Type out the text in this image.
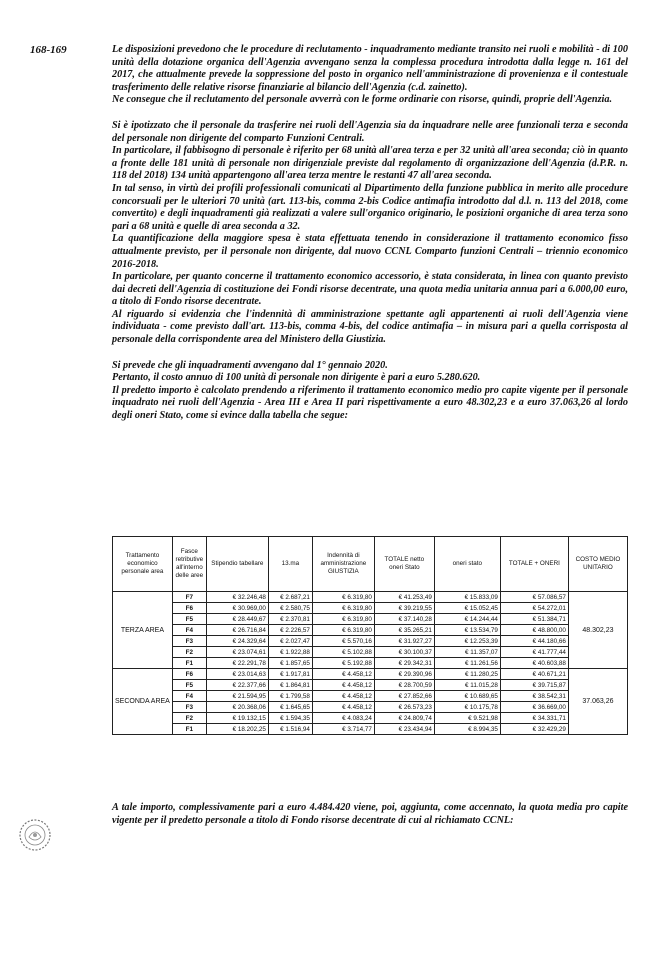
168-169	Le disposizioni prevedono che le procedure di reclutamento - inquadramento mediante transito nei ruoli e mobilità - di 100 unità della dotazione organica dell'Agenzia avvengano senza la complessa procedura introdotta dalla legge n. 161 del 2017, che attualmente prevede la soppressione del posto in organico nell'amministrazione di provenienza e il contestuale trasferimento delle relative risorse finanziarie al bilancio dell'Agenzia (c.d. zainetto).

Ne consegue che il reclutamento del personale avverrà con le forme ordinarie con risorse, quindi, proprie dell'Agenzia.

Si è ipotizzato che il personale da trasferire nei ruoli dell'Agenzia sia da inquadrare nelle aree funzionali terza e seconda del personale non dirigente del comparto Funzioni Centrali.

In particolare, il fabbisogno di personale è riferito per 68 unità all'area terza e per 32 unità all'area seconda; ciò in quanto a fronte delle 181 unità di personale non dirigenziale previste dal regolamento di organizzazione dell'Agenzia (d.P.R. n. 118 del 2018) 134 unità appartengono all'area terza mentre le restanti 47 all'area seconda.

In tal senso, in virtù dei profili professionali comunicati al Dipartimento della funzione pubblica in merito alle procedure concorsuali per le ulteriori 70 unità (art. 113-bis, comma 2-bis Codice antimafia introdotto dal d.l. n. 113 del 2018, come convertito) e degli inquadramenti già realizzati a valere sull'organico originario, le posizioni organiche di area terza sono pari a 68 unità e quelle di area seconda a 32.

La quantificazione della maggiore spesa è stata effettuata tenendo in considerazione il trattamento economico fisso attualmente previsto, per il personale non dirigente, dal nuovo CCNL Comparto funzioni Centrali – triennio economico 2016-2018.

In particolare, per quanto concerne il trattamento economico accessorio, è stata considerata, in linea con quanto previsto dai decreti dell'Agenzia di costituzione dei Fondi risorse decentrate, una quota media unitaria annua pari a 6.000,00 euro, a titolo di Fondo risorse decentrate.

Al riguardo si evidenzia che l'indennità di amministrazione spettante agli appartenenti ai ruoli dell'Agenzia viene individuata - come previsto dall'art. 113-bis, comma 4-bis, del codice antimafia – in misura pari a quella corrisposta al personale della corrispondente area del Ministero della Giustizia.

Si prevede che gli inquadramenti avvengano dal 1° gennaio 2020.

Pertanto, il costo annuo di 100 unità di personale non dirigente è pari a euro 5.280.620.

Il predetto importo è calcolato prendendo a riferimento il trattamento economico medio pro capite vigente per il personale inquadrato nei ruoli dell'Agenzia - Area III e Area II pari rispettivamente a euro 48.302,23 e a euro 37.063,26 al lordo degli oneri Stato, come si evince dalla tabella che segue:

Trattamento economico personale area	Fasce retributive all'interno delle aree	Stipendio tabellare	13.ma	Indennità di amministrazione GIUSTIZIA	TOTALE netto oneri Stato	oneri stato	TOTALE + ONERI	COSTO MEDIO UNITARIO
TERZA AREA	F7	€ 32.246,48	€ 2.687,21	€ 6.319,80	€ 41.253,49	€ 15.833,09	€ 57.086,57	48.302,23
	F6	€ 30.969,00	€ 2.580,75	€ 6.319,80	€ 39.219,55	€ 15.052,45	€ 54.272,01	
	F5	€ 28.449,67	€ 2.370,81	€ 6.319,80	€ 37.140,28	€ 14.244,44	€ 51.384,71	
	F4	€ 26.716,84	€ 2.226,57	€ 6.319,80	€ 35.265,21	€ 13.534,79	€ 48.800,00	
	F3	€ 24.329,64	€ 2.027,47	€ 5.570,16	€ 31.927,27	€ 12.253,39	€ 44.180,66	
	F2	€ 23.074,61	€ 1.922,88	€ 5.102,88	€ 30.100,37	€ 11.357,07	€ 41.777,44	
	F1	€ 22.291,78	€ 1.857,65	€ 5.192,88	€ 29.342,31	€ 11.261,56	€ 40.603,88	
SECONDA AREA	F6	€ 23.014,63	€ 1.917,81	€ 4.458,12	€ 29.390,96	€ 11.280,25	€ 40.671,21	37.063,26
	F5	€ 22.377,66	€ 1.864,81	€ 4.458,12	€ 28.700,59	€ 11.015,28	€ 39.715,87	
	F4	€ 21.594,95	€ 1.799,58	€ 4.458,12	€ 27.852,66	€ 10.689,65	€ 38.542,31	
	F3	€ 20.368,06	€ 1.645,65	€ 4.458,12	€ 26.573,23	€ 10.175,78	€ 36.669,00	
	F2	€ 19.132,15	€ 1.594,35	€ 4.083,24	€ 24.809,74	€ 9.521,98	€ 34.331,71	
	F1	€ 18.202,25	€ 1.516,94	€ 3.714,77	€ 23.434,94	€ 8.994,35	€ 32.429,29	

A tale importo, complessivamente pari a euro 4.484.420 viene, poi, aggiunta, come accennato, la quota media pro capite vigente per il predetto personale a titolo di Fondo risorse decentrate di cui al richiamato CCNL:
